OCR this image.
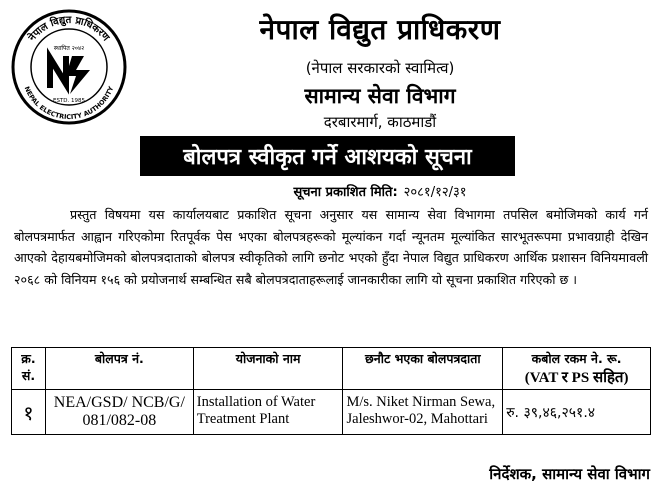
नेपाल विद्युत प्राधिकरण
NEPAL ELECTRICITY AUTHORITY
स्थापित २०४२
ESTD. 1985
नेपाल विद्युत प्राधिकरण
(नेपाल सरकारको स्वामित्व)
सामान्य सेवा विभाग
दरबारमार्ग, काठमाडौं
बोलपत्र स्वीकृत गर्ने आशयको सूचना
सूचना प्रकाशित मिति: २०८१/१२/३१
प्रस्तुत विषयमा यस कार्यालयबाट प्रकाशित सूचना अनुसार यस सामान्य सेवा विभागमा तपसिल बमोजिमको कार्य गर्न बोलपत्रमार्फत आह्वान गरिएकोमा रितपूर्वक पेस भएका बोलपत्रहरूको मूल्यांकन गर्दा न्यूनतम मूल्यांकित सारभूतरूपमा प्रभावग्राही देखिन आएको देहायबमोजिमको बोलपत्रदाताको बोलपत्र स्वीकृतिको लागि छनोट भएको हुँदा नेपाल विद्युत प्राधिकरण आर्थिक प्रशासन विनियमावली २०६८ को विनियम १५६ को प्रयोजनार्थ सम्बन्धित सबै बोलपत्रदाताहरूलाई जानकारीका लागि यो सूचना प्रकाशित गरिएको छ ।
क्र. सं.	बोलपत्र नं.	योजनाको नाम	छनौट भएका बोलपत्रदाता	कबोल रकम ने. रू.
(VAT र PS सहित)

१	NEA/GSD/ NCB/G/ 081/082-08	Installation of Water Treatment Plant	M/s. Niket Nirman Sewa, Jaleshwor-02, Mahottari	रु. ३९,४६,२५१.४
निर्देशक, सामान्य सेवा विभाग
